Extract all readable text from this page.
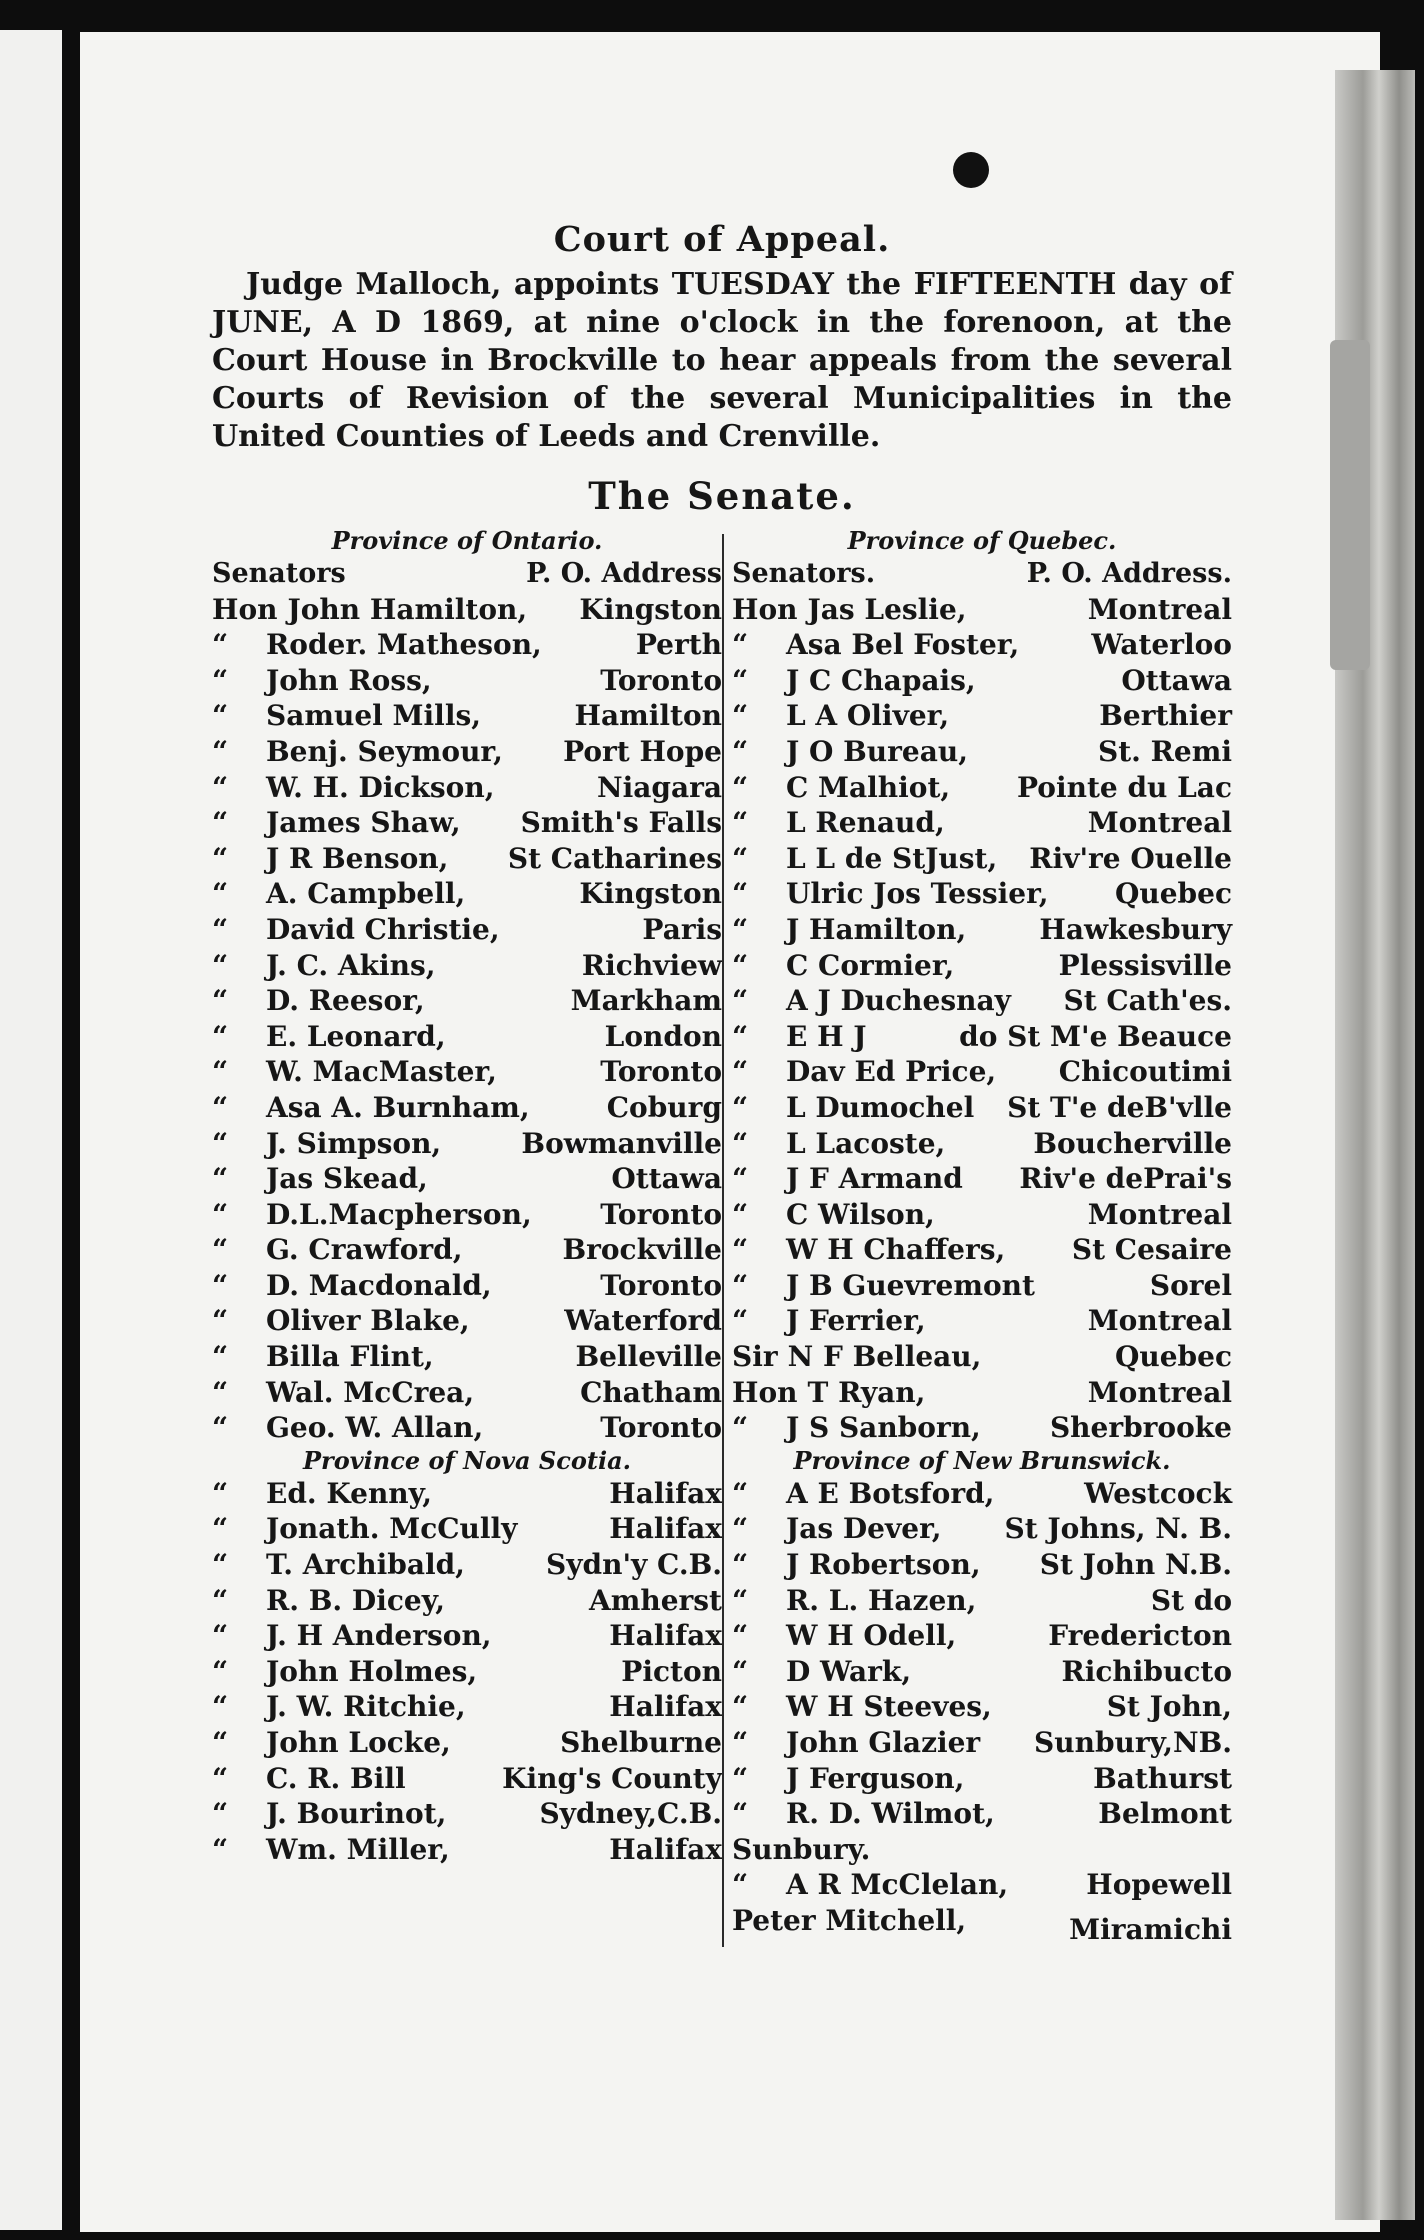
Court of Appeal.

Judge Malloch, appoints TUESDAY the FIFTEENTH day of JUNE, A D 1869, at nine o'clock in the forenoon, at the Court House in Brockville to hear appeals from the several Courts of Revision of the several Municipalities in the United Counties of Leeds and Crenville.

The Senate.
Province of Ontario.
Senators	P. O. Address
Hon John Hamilton, Kingston
“	Roder. Matheson,	Perth
“	John Ross,	Toronto
“	Samuel Mills,	Hamilton
“	Benj. Seymour, Port Hope
“	W. H. Dickson,	Niagara
“	James Shaw, Smith's Falls
“	J R Benson, St Catharines
“	A. Campbell,	Kingston
“	David Christie,	Paris
“	J. C. Akins,	Richview
“	D. Reesor,	Markham
“	E. Leonard,	London
“	W. MacMaster,	Toronto
“	Asa A. Burnham,	Coburg
“	J. Simpson,	Bowmanville
“	Jas Skead,	Ottawa
“	D.L.Macpherson, Toronto
“	G. Crawford,	Brockville
“	D. Macdonald,	Toronto
“	Oliver Blake,	Waterford
“	Billa Flint,	Belleville
“	Wal. McCrea,	Chatham
“	Geo. W. Allan,	Toronto
Province of Nova Scotia.
“	Ed. Kenny,	Halifax
“	Jonath. McCully	Halifax
“	T. Archibald,	Sydn'y C.B.
“	R. B. Dicey,	Amherst
“	J. H Anderson,	Halifax
“	John Holmes,	Picton
“	J. W. Ritchie,	Halifax
“	John Locke,	Shelburne
“	C. R. Bill	King's County
“	J. Bourinot,	Sydney,C.B.
“	Wm. Miller,	Halifax
Province of Quebec.
Senators.	P. O. Address.
Hon Jas Leslie,	Montreal
“	Asa Bel Foster,	Waterloo
“	J C Chapais,	Ottawa
“	L A Oliver,	Berthier
“	J O Bureau,	St. Remi
“	C Malhiot, Pointe du Lac
“	L Renaud,	Montreal
“	L L de StJust, Riv're Ouelle
“	Ulric Jos Tessier, Quebec
“	J Hamilton,	Hawkesbury
“	C Cormier,	Plessisville
“	A J Duchesnay St Cath'es.
“	E H J	do St M'e Beauce
“	Dav Ed Price, Chicoutimi
“	L Dumochel St T'e deB'vlle
“	L Lacoste,	Boucherville
“	J F Armand Riv'e dePrai's
“	C Wilson,	Montreal
“	W H Chaffers, St Cesaire
“	J B Guevremont	Sorel
“	J Ferrier,	Montreal
Sir N F Belleau,	Quebec
Hon T Ryan,	Montreal
“	J S Sanborn, Sherbrooke
Province of New Brunswick.
“	A E Botsford,	Westcock
“	Jas Dever, St Johns, N. B.
“	J Robertson, St John N.B.
“	R. L. Hazen,	St do
“	W H Odell,	Fredericton
“	D Wark,	Richibucto
“	W H Steeves,	St John,
“	John Glazier Sunbury,NB.
“	J Ferguson,	Bathurst
“	R. D. Wilmot,	Belmont
Sunbury.
“	A R McClelan,	Hopewell
Peter Mitchell,	Miramichi
